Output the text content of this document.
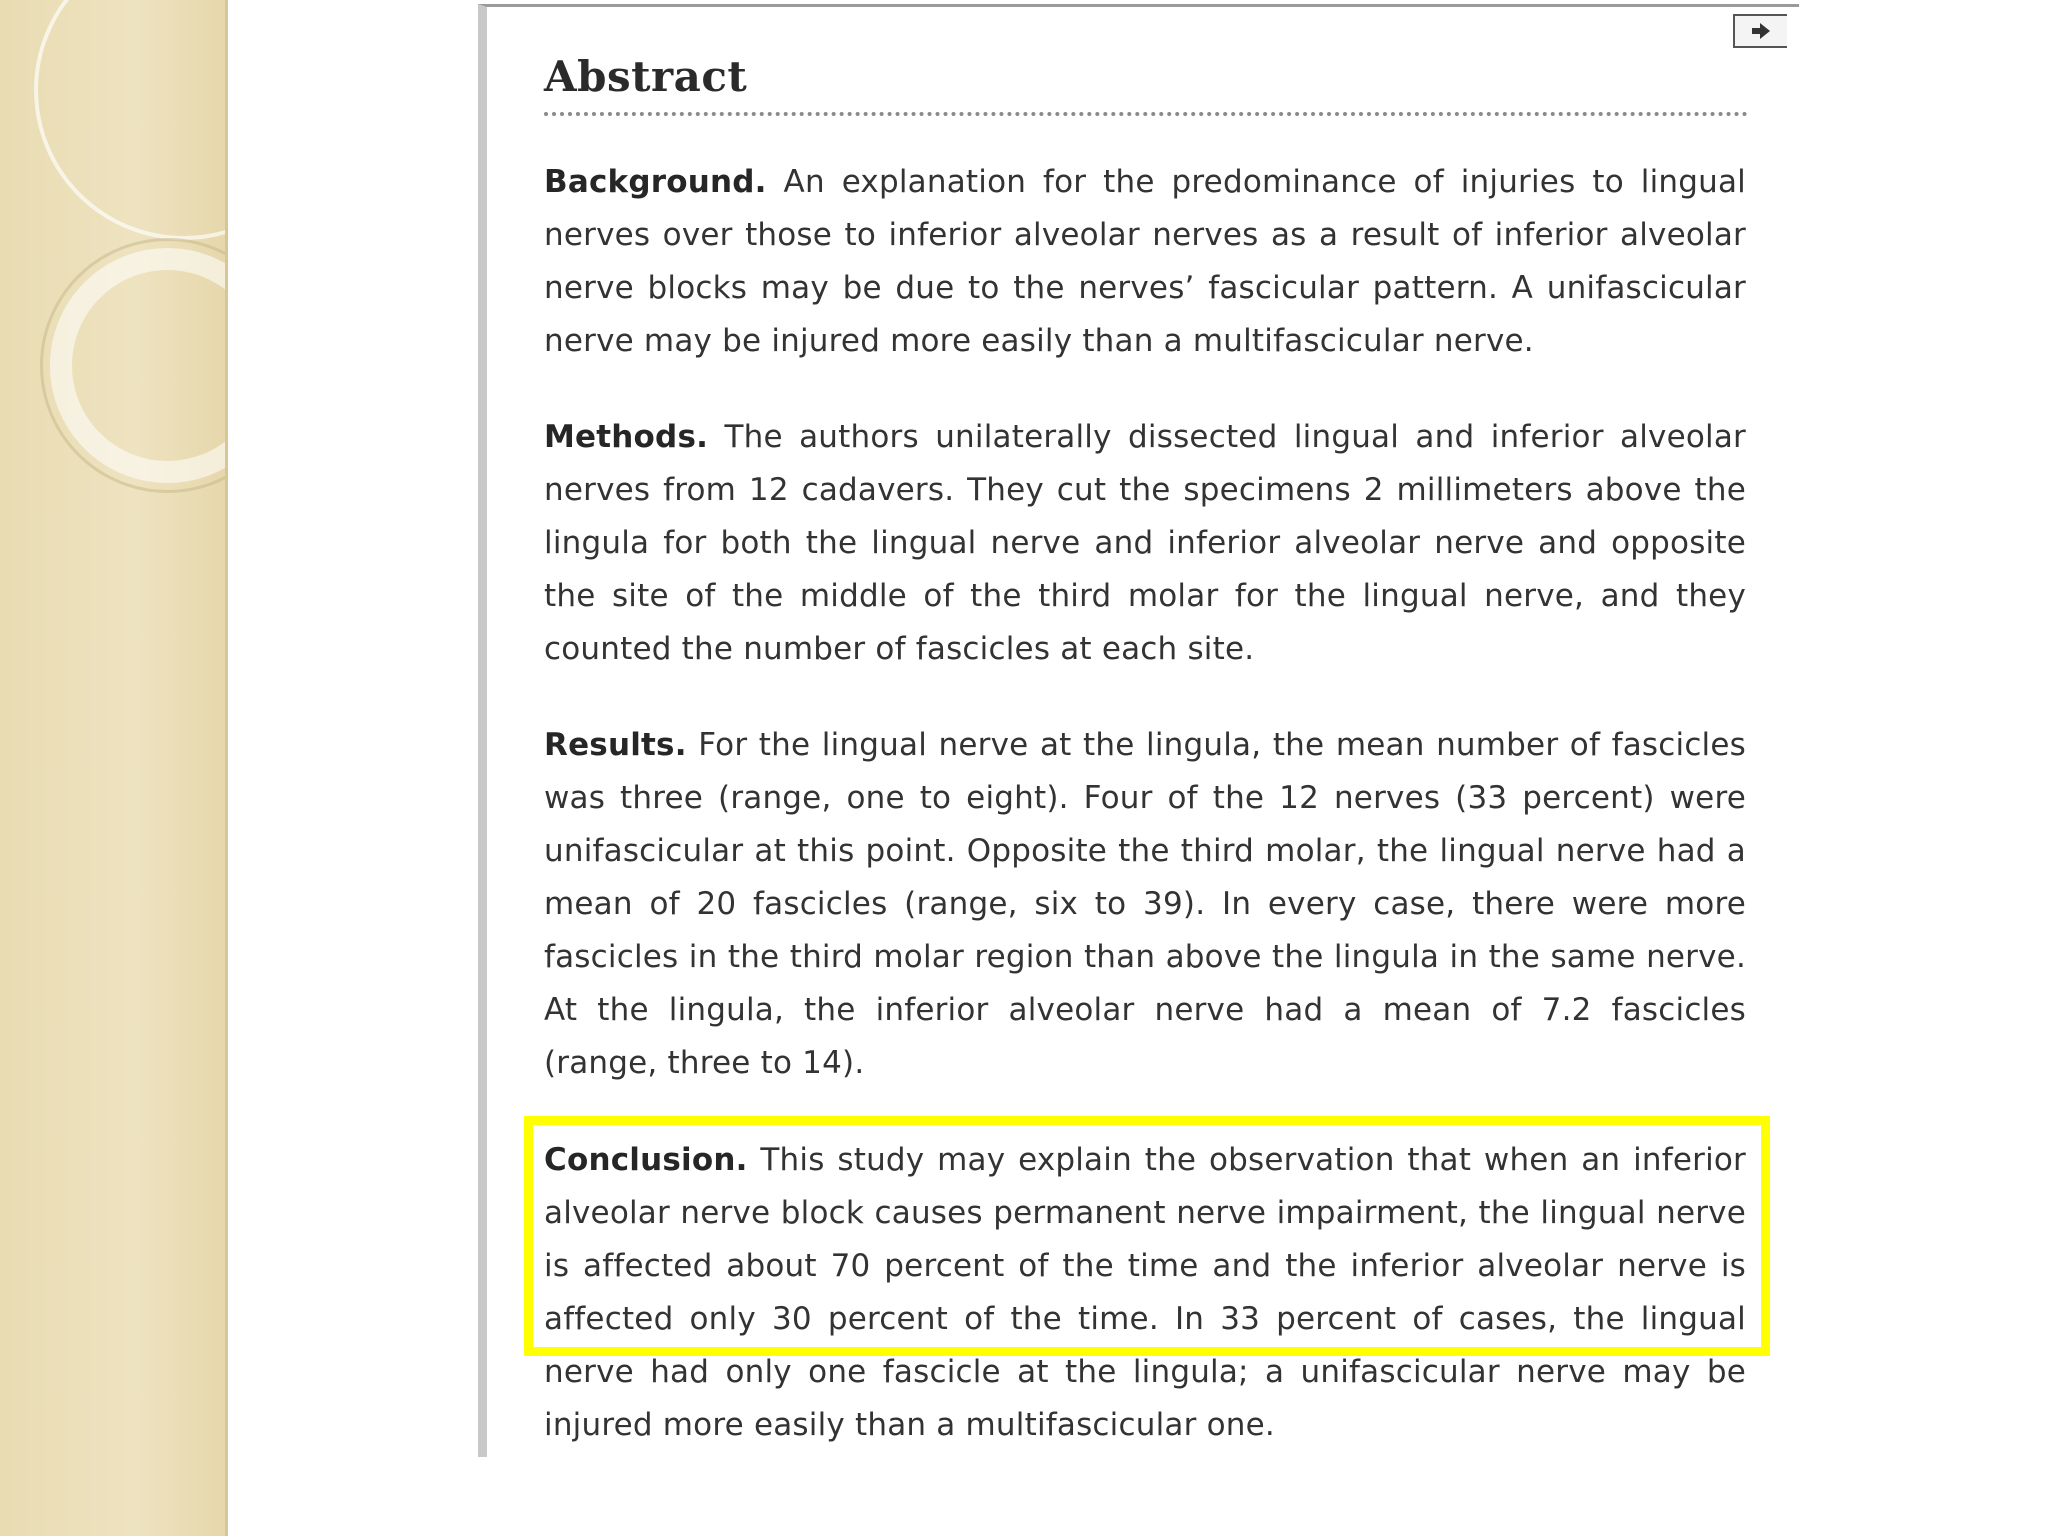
Abstract

Background. An explanation for the predominance of injuries to lingual nerves over those to inferior alveolar nerves as a result of inferior alveolar nerve blocks may be due to the nerves’ fascicular pattern. A unifascicular nerve may be injured more easily than a multifascicular nerve.

Methods. The authors unilaterally dissected lingual and inferior alveolar nerves from 12 cadavers. They cut the specimens 2 millimeters above the lingula for both the lingual nerve and inferior alveolar nerve and opposite the site of the middle of the third molar for the lingual nerve, and they counted the number of fascicles at each site.

Results. For the lingual nerve at the lingula, the mean number of fascicles was three (range, one to eight). Four of the 12 nerves (33 percent) were unifascicular at this point. Opposite the third molar, the lingual nerve had a mean of 20 fascicles (range, six to 39). In every case, there were more fascicles in the third molar region than above the lingula in the same nerve. At the lingula, the inferior alveolar nerve had a mean of 7.2 fascicles (range, three to 14).

Conclusion. This study may explain the observation that when an inferior alveolar nerve block causes permanent nerve impairment, the lingual nerve is affected about 70 percent of the time and the inferior alveolar nerve is affected only 30 percent of the time. In 33 percent of cases, the lingual nerve had only one fascicle at the lingula; a unifascicular nerve may be injured more easily than a multifascicular one.
